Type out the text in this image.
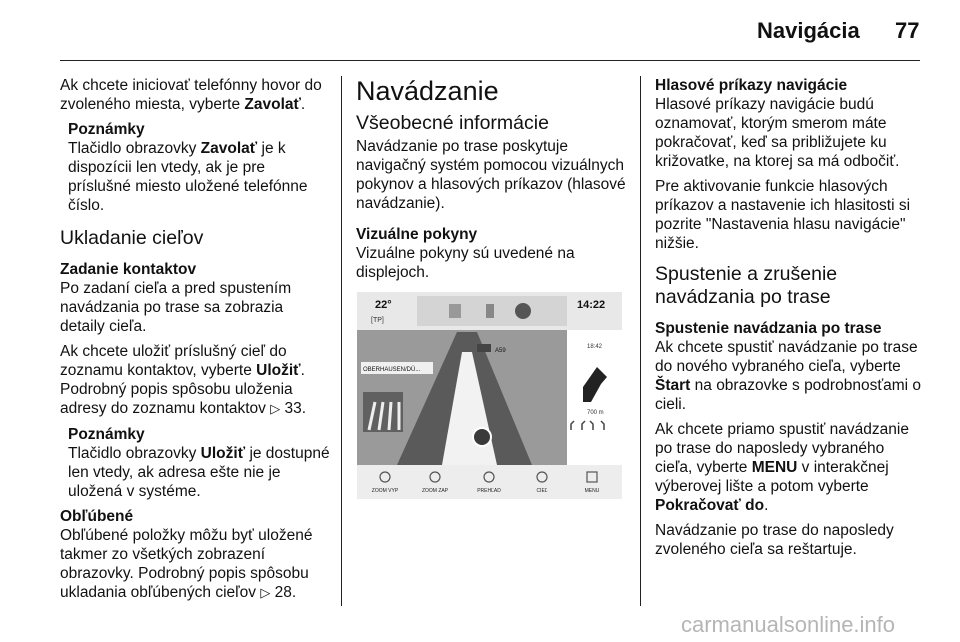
Navigácia 77

Ak chcete iniciovať telefónny hovor do zvoleného miesta, vyberte Zavolať.

Poznámky
Tlačidlo obrazovky Zavolať je k dispozícii len vtedy, ak je pre príslušné miesto uložené telefónne číslo.
Ukladanie cieľov
Zadanie kontaktov

Po zadaní cieľa a pred spustením navádzania po trase sa zobrazia detaily cieľa.

Ak chcete uložiť príslušný cieľ do zoznamu kontaktov, vyberte Uložiť. Podrobný popis spôsobu uloženia adresy do zoznamu kontaktov ▷ 33.

Poznámky
Tlačidlo obrazovky Uložiť je dostupné len vtedy, ak adresa ešte nie je uložená v systéme.
Obľúbené

Obľúbené položky môžu byť uložené takmer zo všetkých zobrazení obrazovky. Podrobný popis spôsobu ukladania obľúbených cieľov ▷ 28.

Navádzanie
Všeobecné informácie

Navádzanie po trase poskytuje navigačný systém pomocou vizuálnych pokynov a hlasových príkazov (hlasové navádzanie).

Vizuálne pokyny

Vizuálne pokyny sú uvedené na displejoch.

22°
[TP]
14:22
A59
OBERHAUSEN/DÜ...
18:42
700 m
ZOOM VYP	ZOOM ZAP	PREHĽAD	CIEĽ	MENU
Hlasové príkazy navigácie

Hlasové príkazy navigácie budú oznamovať, ktorým smerom máte pokračovať, keď sa približujete ku križovatke, na ktorej sa má odbočiť.

Pre aktivovanie funkcie hlasových príkazov a nastavenie ich hlasitosti si pozrite "Nastavenia hlasu navigácie" nižšie.

Spustenie a zrušenie navádzania po trase
Spustenie navádzania po trase

Ak chcete spustiť navádzanie po trase do nového vybraného cieľa, vyberte Štart na obrazovke s podrobnosťami o cieli.

Ak chcete priamo spustiť navádzanie po trase do naposledy vybraného cieľa, vyberte MENU v interakčnej výberovej lište a potom vyberte Pokračovať do.

Navádzanie po trase do naposledy zvoleného cieľa sa reštartuje.

carmanualsonline.info
